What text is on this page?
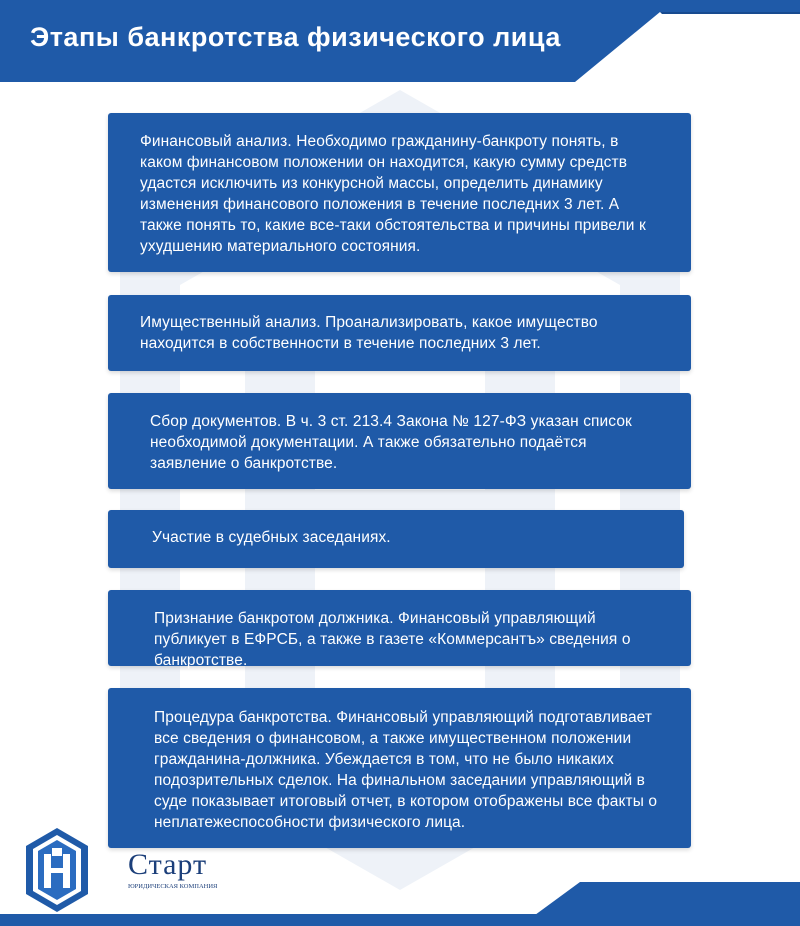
Этапы банкротства физического лица

Финансовый анализ. Необходимо гражданину-банкроту понять, в каком финансовом положении он находится, какую сумму средств удастся исключить из конкурсной массы, определить динамику изменения финансового положения в течение последних 3 лет. А также понять то, какие все-таки обстоятельства и причины привели к ухудшению материального состояния.

Имущественный анализ. Проанализировать, какое имущество находится в собственности в течение последних 3 лет.

Сбор документов. В ч. 3 ст. 213.4 Закона № 127-ФЗ указан список необходимой документации. А также обязательно подаётся заявление о банкротстве.

Участие в судебных заседаниях.

Признание банкротом должника. Финансовый управляющий публикует в ЕФРСБ, а также в газете «Коммерсантъ» сведения о банкротстве.

Процедура банкротства. Финансовый управляющий подготавливает все сведения о финансовом, а также имущественном положении гражданина-должника. Убеждается в том, что не было никаких подозрительных сделок. На финальном заседании управляющий в суде показывает итоговый отчет, в котором отображены все факты о неплатежеспособности физического лица.

Старт
ЮРИДИЧЕСКАЯ КОМПАНИЯ
